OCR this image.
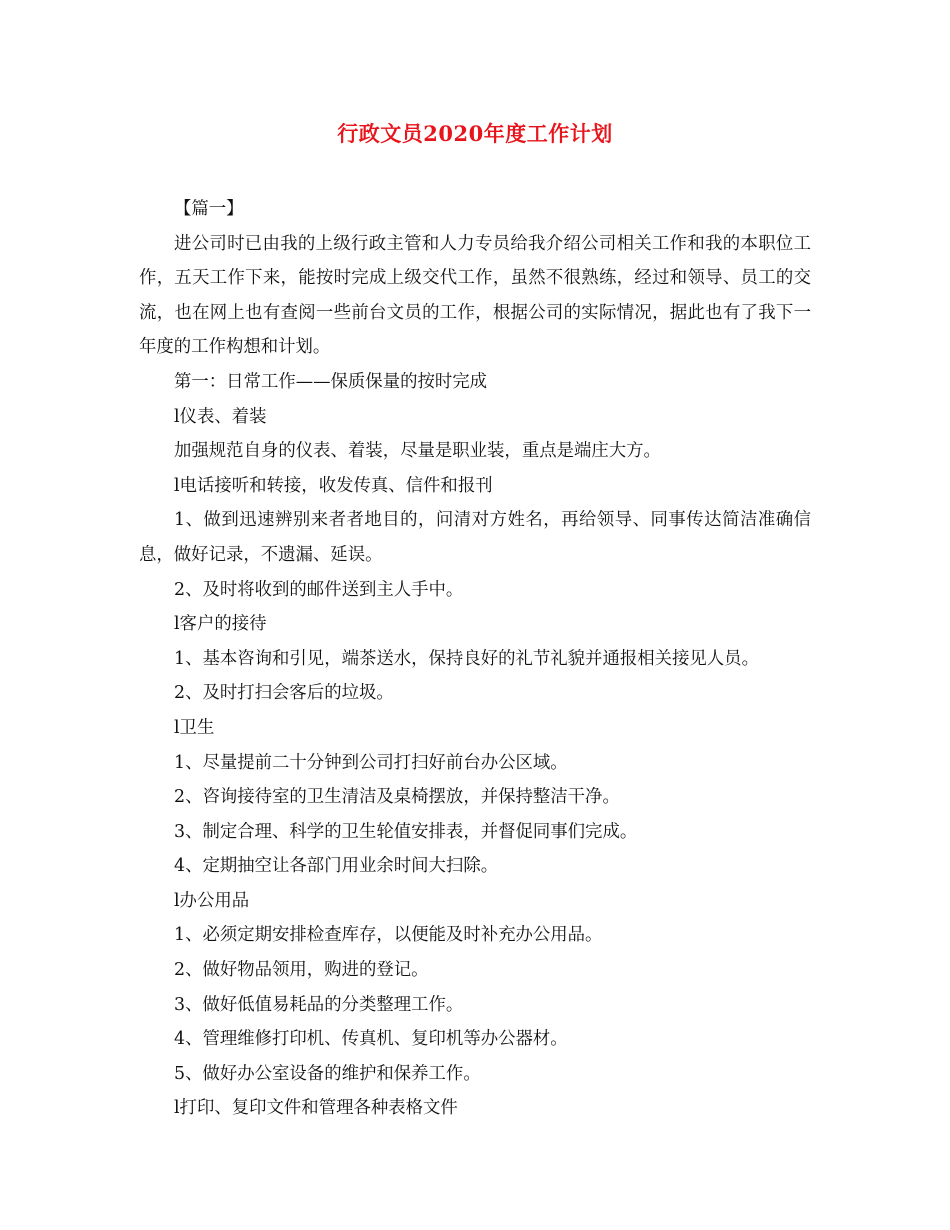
行政文员2020年度工作计划

【篇一】

进公司时已由我的上级行政主管和人力专员给我介绍公司相关工作和我的本职位工作，五天工作下来，能按时完成上级交代工作，虽然不很熟练，经过和领导、员工的交流，也在网上也有查阅一些前台文员的工作，根据公司的实际情况，据此也有了我下一年度的工作构想和计划。

第一：日常工作——保质保量的按时完成

l仪表、着装

加强规范自身的仪表、着装，尽量是职业装，重点是端庄大方。

l电话接听和转接，收发传真、信件和报刊

1、做到迅速辨别来者者地目的，问清对方姓名，再给领导、同事传达简洁准确信息，做好记录，不遗漏、延误。

2、及时将收到的邮件送到主人手中。

l客户的接待

1、基本咨询和引见，端茶送水，保持良好的礼节礼貌并通报相关接见人员。

2、及时打扫会客后的垃圾。

l卫生

1、尽量提前二十分钟到公司打扫好前台办公区域。

2、咨询接待室的卫生清洁及桌椅摆放，并保持整洁干净。

3、制定合理、科学的卫生轮值安排表，并督促同事们完成。

4、定期抽空让各部门用业余时间大扫除。

l办公用品

1、必须定期安排检查库存，以便能及时补充办公用品。

2、做好物品领用，购进的登记。

3、做好低值易耗品的分类整理工作。

4、管理维修打印机、传真机、复印机等办公器材。

5、做好办公室设备的维护和保养工作。

l打印、复印文件和管理各种表格文件
